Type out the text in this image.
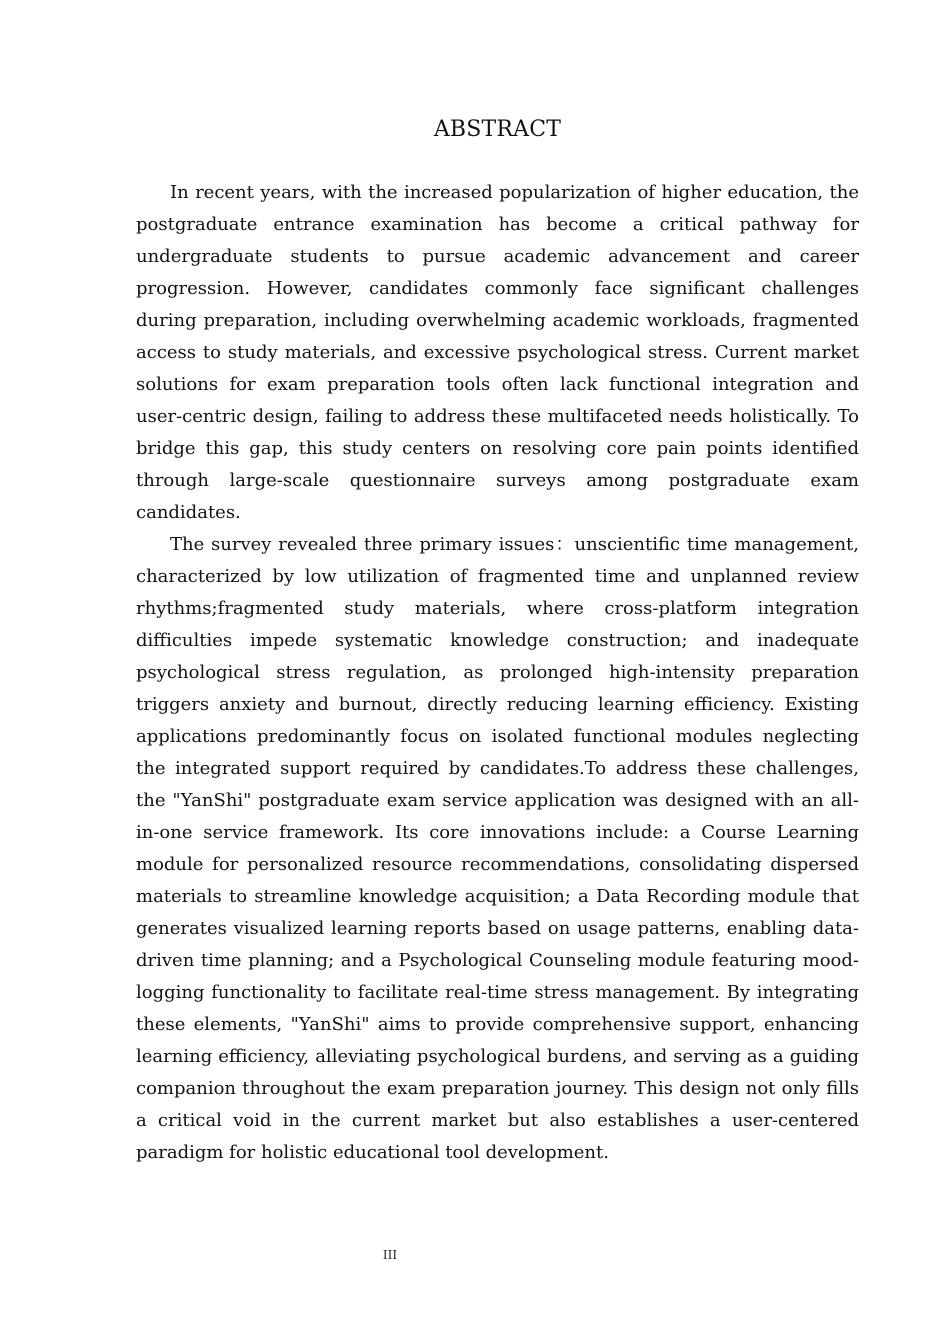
ABSTRACT

In recent years, with the increased popularization of higher education, the postgraduate entrance examination has become a critical pathway for undergraduate students to pursue academic advancement and career progression. However, candidates commonly face significant challenges during preparation, including overwhelming academic workloads, fragmented access to study materials, and excessive psychological stress. Current market solutions for exam preparation tools often lack functional integration and user-centric design, failing to address these multifaceted needs holistically. To bridge this gap, this study centers on resolving core pain points identified through large-scale questionnaire surveys among postgraduate exam candidates.

The survey revealed three primary issues：unscientific time management, characterized by low utilization of fragmented time and unplanned review rhythms;fragmented study materials, where cross-platform integration difficulties impede systematic knowledge construction; and inadequate psychological stress regulation, as prolonged high-intensity preparation triggers anxiety and burnout, directly reducing learning efficiency. Existing applications predominantly focus on isolated functional modules neglecting the integrated support required by candidates.To address these challenges, the "YanShi" postgraduate exam service application was designed with an all-in-one service framework. Its core innovations include: a Course Learning module for personalized resource recommendations, consolidating dispersed materials to streamline knowledge acquisition; a Data Recording module that generates visualized learning reports based on usage patterns, enabling data-driven time planning; and a Psychological Counseling module featuring mood-logging functionality to facilitate real-time stress management. By integrating these elements, "YanShi" aims to provide comprehensive support, enhancing learning efficiency, alleviating psychological burdens, and serving as a guiding companion throughout the exam preparation journey. This design not only fills a critical void in the current market but also establishes a user-centered paradigm for holistic educational tool development.

III
